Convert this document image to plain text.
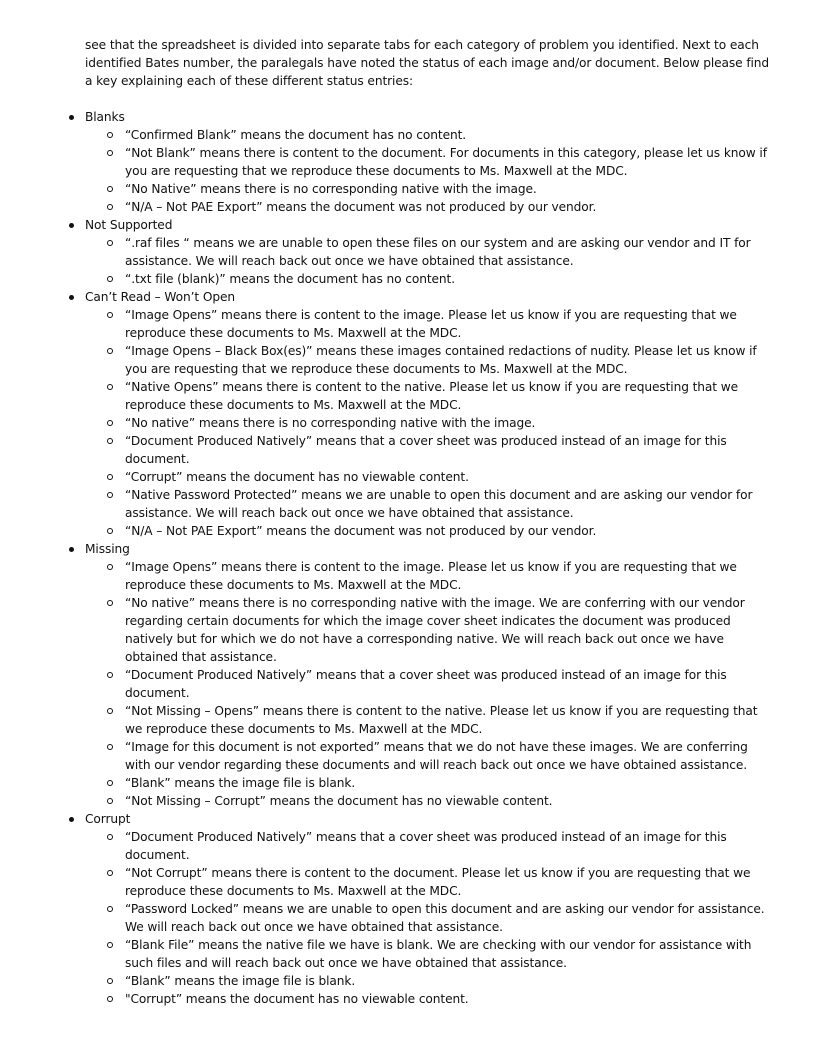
see that the spreadsheet is divided into separate tabs for each category of problem you identified. Next to each identified Bates number, the paralegals have noted the status of each image and/or document. Below please find a key explaining each of these different status entries:

Blanks
“Confirmed Blank” means the document has no content.
“Not Blank” means there is content to the document. For documents in this category, please let us know if you are requesting that we reproduce these documents to Ms. Maxwell at the MDC.
“No Native” means there is no corresponding native with the image.
“N/A – Not PAE Export” means the document was not produced by our vendor.
Not Supported
“.raf files “ means we are unable to open these files on our system and are asking our vendor and IT for assistance. We will reach back out once we have obtained that assistance.
“.txt file (blank)” means the document has no content.
Can’t Read – Won’t Open
“Image Opens” means there is content to the image. Please let us know if you are requesting that we reproduce these documents to Ms. Maxwell at the MDC.
“Image Opens – Black Box(es)” means these images contained redactions of nudity. Please let us know if you are requesting that we reproduce these documents to Ms. Maxwell at the MDC.
“Native Opens” means there is content to the native. Please let us know if you are requesting that we reproduce these documents to Ms. Maxwell at the MDC.
“No native” means there is no corresponding native with the image.
“Document Produced Natively” means that a cover sheet was produced instead of an image for this document.
“Corrupt” means the document has no viewable content.
“Native Password Protected” means we are unable to open this document and are asking our vendor for assistance. We will reach back out once we have obtained that assistance.
“N/A – Not PAE Export” means the document was not produced by our vendor.
Missing
“Image Opens” means there is content to the image. Please let us know if you are requesting that we reproduce these documents to Ms. Maxwell at the MDC.
“No native” means there is no corresponding native with the image. We are conferring with our vendor regarding certain documents for which the image cover sheet indicates the document was produced natively but for which we do not have a corresponding native. We will reach back out once we have obtained that assistance.
“Document Produced Natively” means that a cover sheet was produced instead of an image for this document.
“Not Missing – Opens” means there is content to the native. Please let us know if you are requesting that we reproduce these documents to Ms. Maxwell at the MDC.
“Image for this document is not exported” means that we do not have these images. We are conferring with our vendor regarding these documents and will reach back out once we have obtained assistance.
“Blank” means the image file is blank.
“Not Missing – Corrupt” means the document has no viewable content.
Corrupt
“Document Produced Natively” means that a cover sheet was produced instead of an image for this document.
“Not Corrupt” means there is content to the document. Please let us know if you are requesting that we reproduce these documents to Ms. Maxwell at the MDC.
“Password Locked” means we are unable to open this document and are asking our vendor for assistance. We will reach back out once we have obtained that assistance.
“Blank File” means the native file we have is blank. We are checking with our vendor for assistance with such files and will reach back out once we have obtained that assistance.
“Blank” means the image file is blank.
"Corrupt” means the document has no viewable content.
